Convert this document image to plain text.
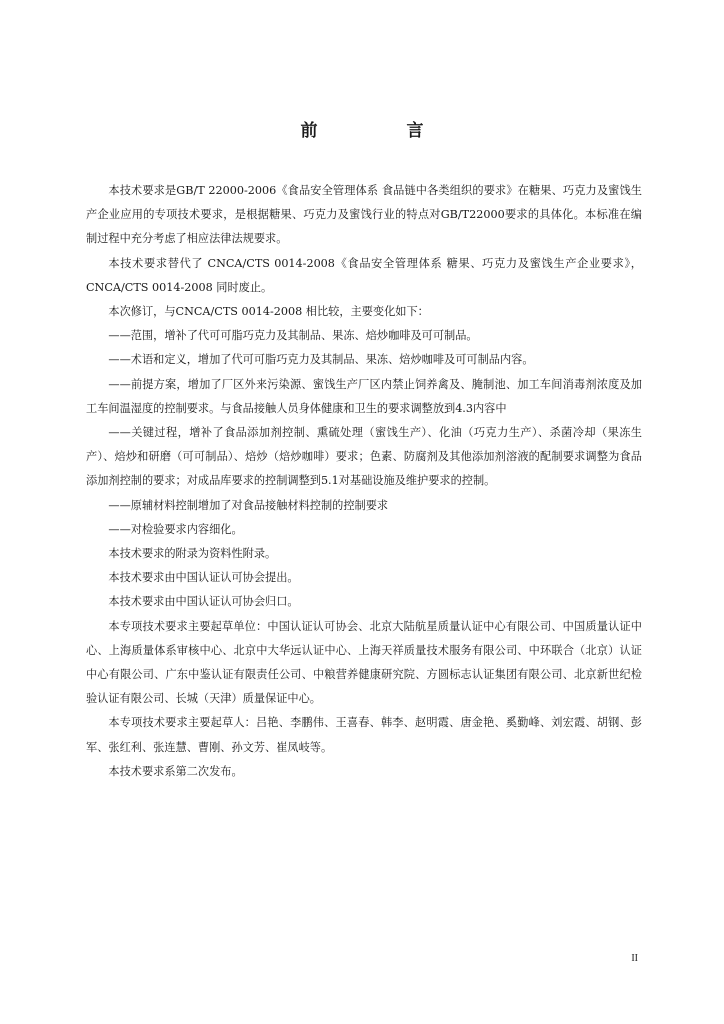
前　言

本技术要求是GB/T 22000-2006《食品安全管理体系 食品链中各类组织的要求》在糖果、巧克力及蜜饯生产企业应用的专项技术要求，是根据糖果、巧克力及蜜饯行业的特点对GB/T22000要求的具体化。本标准在编制过程中充分考虑了相应法律法规要求。

本技术要求替代了 CNCA/CTS 0014-2008《食品安全管理体系 糖果、巧克力及蜜饯生产企业要求》，CNCA/CTS 0014-2008 同时废止。

本次修订，与CNCA/CTS 0014-2008 相比较，主要变化如下：

——范围，增补了代可可脂巧克力及其制品、果冻、焙炒咖啡及可可制品。

——术语和定义，增加了代可可脂巧克力及其制品、果冻、焙炒咖啡及可可制品内容。

——前提方案，增加了厂区外来污染源、蜜饯生产厂区内禁止饲养禽及、腌制池、加工车间消毒剂浓度及加工车间温湿度的控制要求。与食品接触人员身体健康和卫生的要求调整放到4.3内容中

——关键过程，增补了食品添加剂控制、熏硫处理（蜜饯生产）、化油（巧克力生产）、杀菌冷却（果冻生产）、焙炒和研磨（可可制品）、焙炒（焙炒咖啡）要求；色素、防腐剂及其他添加剂溶液的配制要求调整为食品添加剂控制的要求；对成品库要求的控制调整到5.1对基础设施及维护要求的控制。

——原辅材料控制增加了对食品接触材料控制的控制要求

——对检验要求内容细化。

本技术要求的附录为资料性附录。

本技术要求由中国认证认可协会提出。

本技术要求由中国认证认可协会归口。

本专项技术要求主要起草单位：中国认证认可协会、北京大陆航星质量认证中心有限公司、中国质量认证中心、上海质量体系审核中心、北京中大华远认证中心、上海天祥质量技术服务有限公司、中环联合（北京）认证中心有限公司、广东中鉴认证有限责任公司、中粮营养健康研究院、方圆标志认证集团有限公司、北京新世纪检验认证有限公司、长城（天津）质量保证中心。

本专项技术要求主要起草人：吕艳、李鹏伟、王喜春、韩李、赵明霞、唐金艳、奚勤峰、刘宏霞、胡钢、彭军、张红利、张连慧、曹刚、孙文芳、崔凤岐等。

本技术要求系第二次发布。

II
